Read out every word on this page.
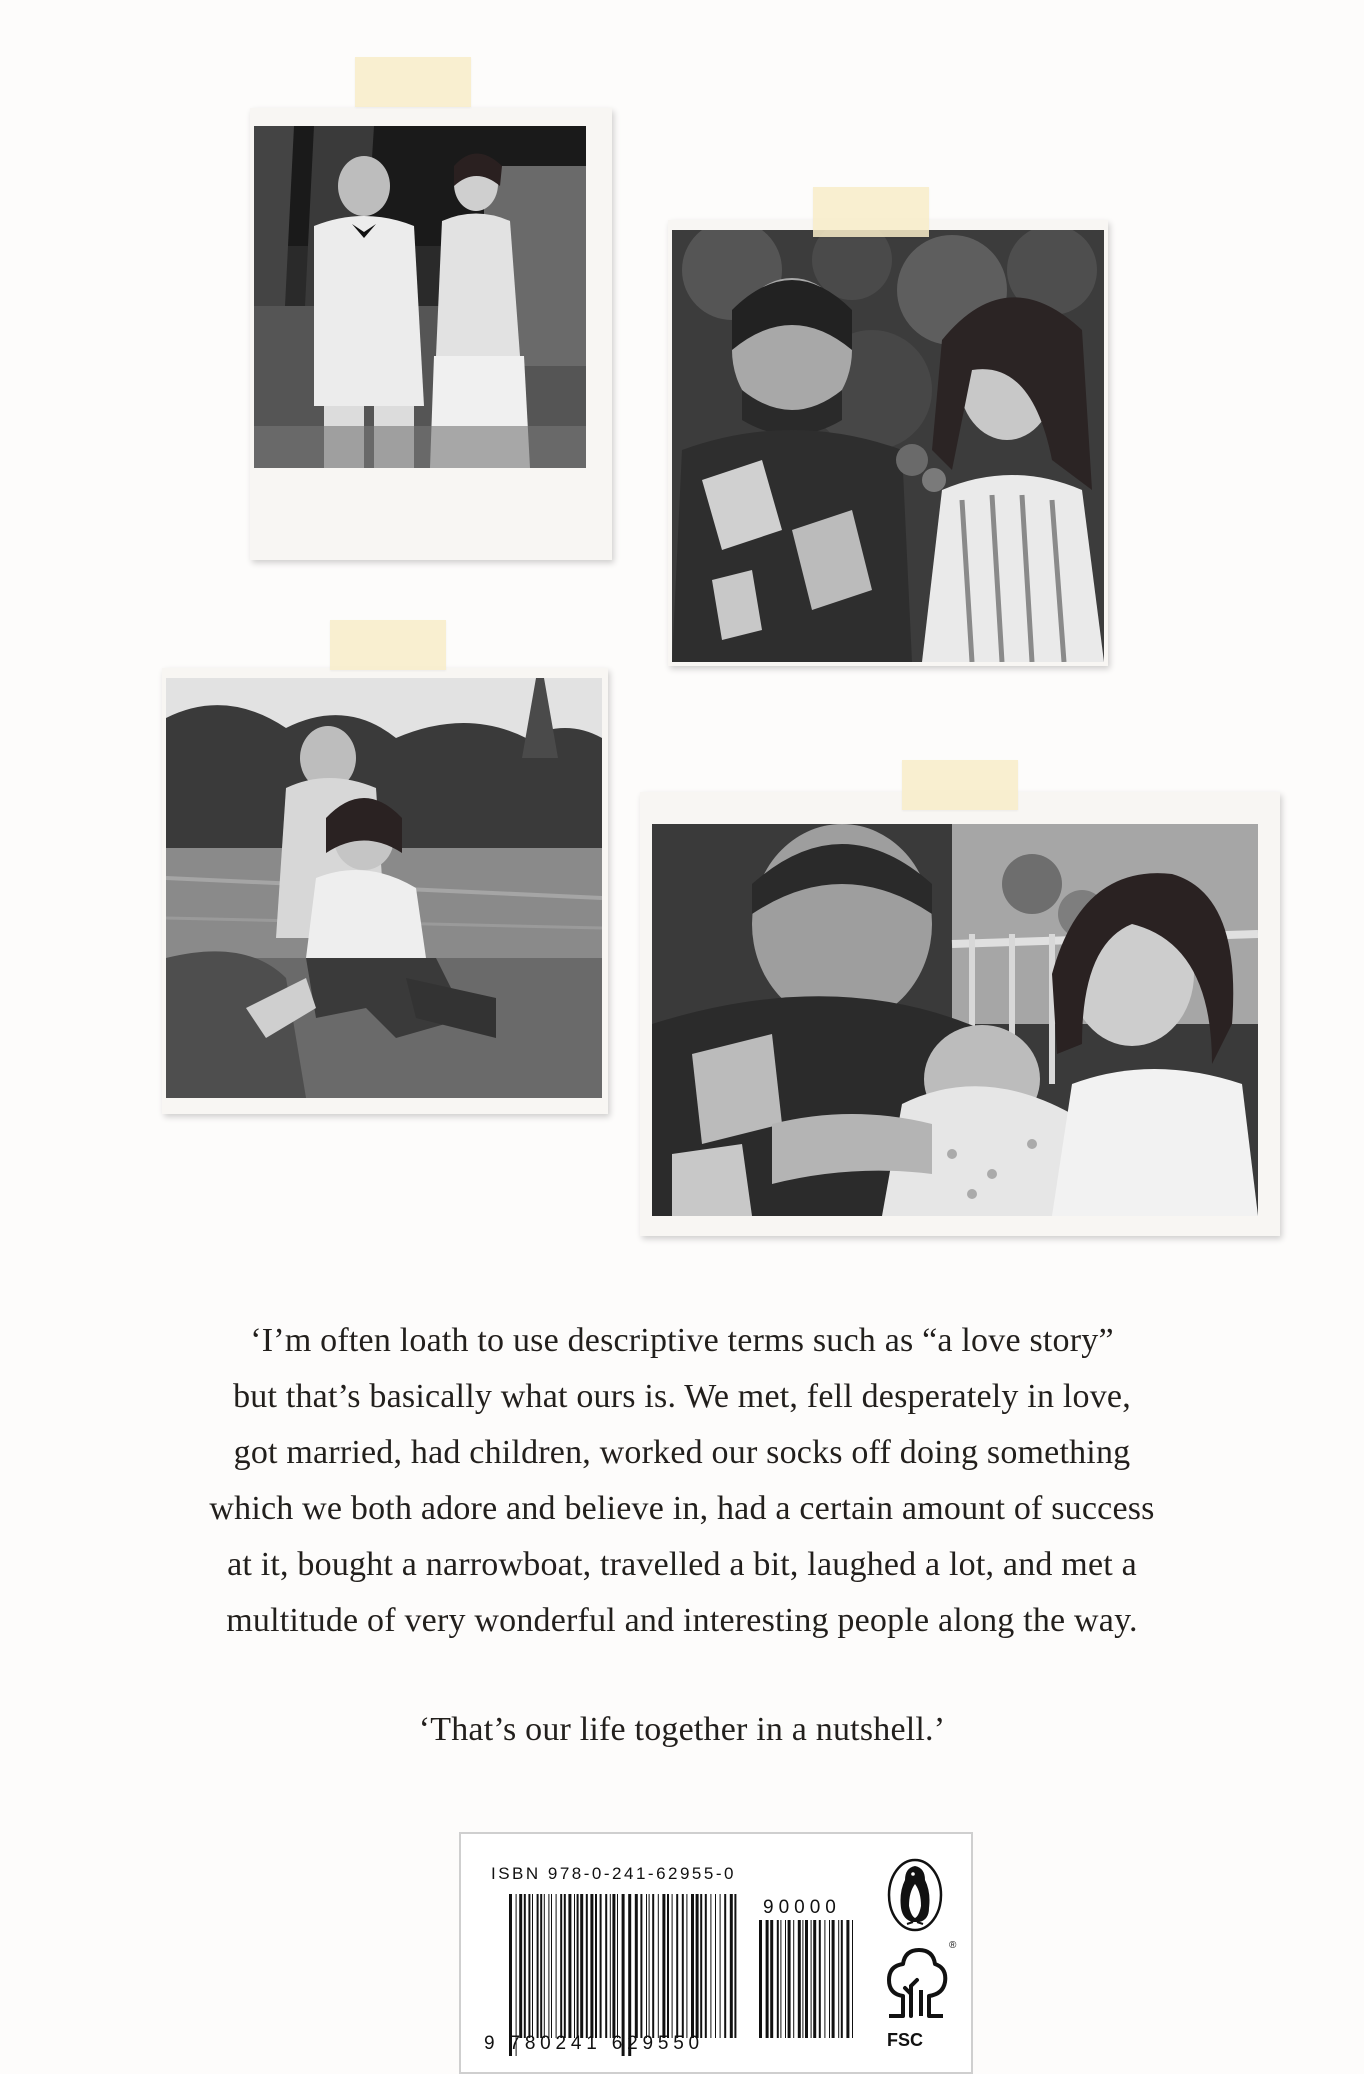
‘I’m often loath to use descriptive terms such as “a love story”

but that’s basically what ours is. We met, fell desperately in love,

got married, had children, worked our socks off doing something

which we both adore and believe in, had a certain amount of success

at it, bought a narrowboat, travelled a bit, laughed a lot, and met a

multitude of very wonderful and interesting people along the way.

‘That’s our life together in a nutshell.’

ISBN 978-0-241-62955-0
90000
9 780241 629550
®
FSC
